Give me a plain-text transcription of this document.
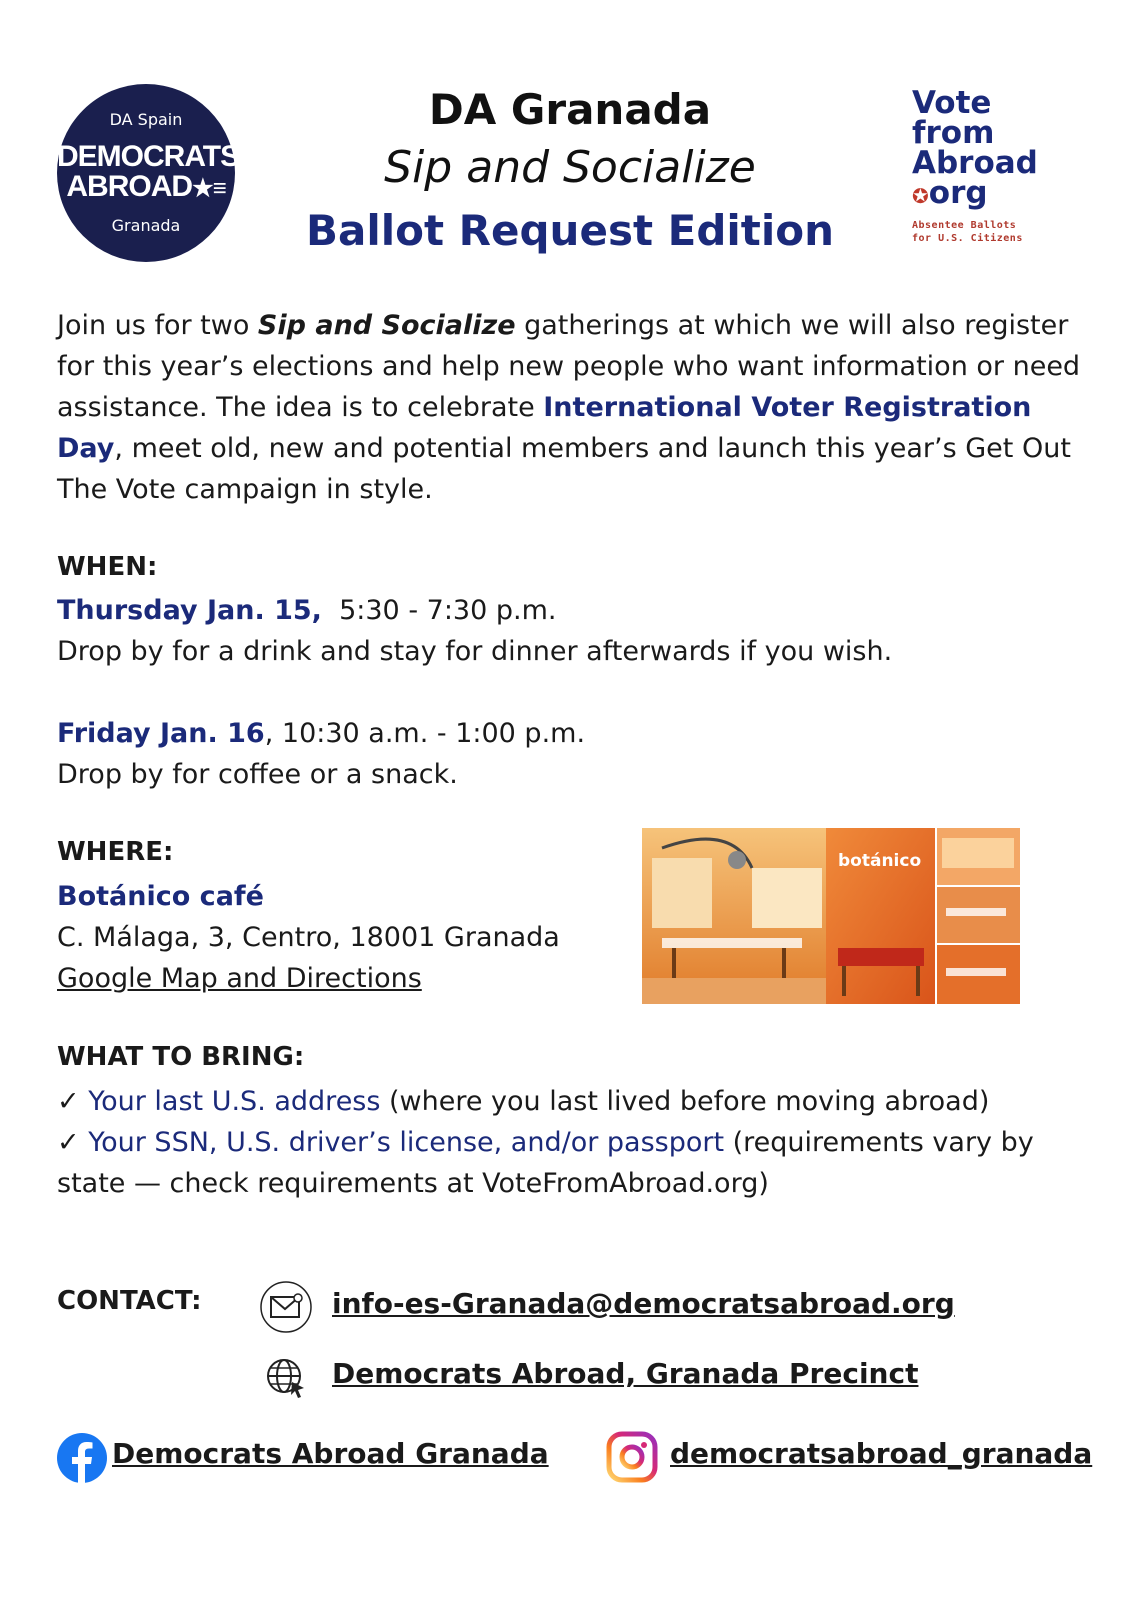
DA Spain
DEMOCRATS
ABROAD★≡
Granada
DA Granada
Sip and Socialize
Ballot Request Edition
Vote
from
Abroad
✪org
Absentee Ballots
for U.S. Citizens
Join us for two Sip and Socialize gatherings at which we will also register for this year’s elections and help new people who want information or need assistance. The idea is to celebrate International Voter Registration Day, meet old, new and potential members and launch this year’s Get Out The Vote campaign in style.
WHEN:
Thursday Jan. 15,  5:30 - 7:30 p.m.
Drop by for a drink and stay for dinner afterwards if you wish.
Friday Jan. 16, 10:30 a.m. - 1:00 p.m.
Drop by for coffee or a snack.
WHERE:
Botánico café
C. Málaga, 3, Centro, 18001 Granada
Google Map and Directions
botánico
WHAT TO BRING:
✓ Your last U.S. address (where you last lived before moving abroad)
✓ Your SSN, U.S. driver’s license, and/or passport (requirements vary by state — check requirements at VoteFromAbroad.org)
CONTACT:	info-es-Granada@democratsabroad.org
Democrats Abroad, Granada Precinct
Democrats Abroad Granada	democratsabroad_granada
